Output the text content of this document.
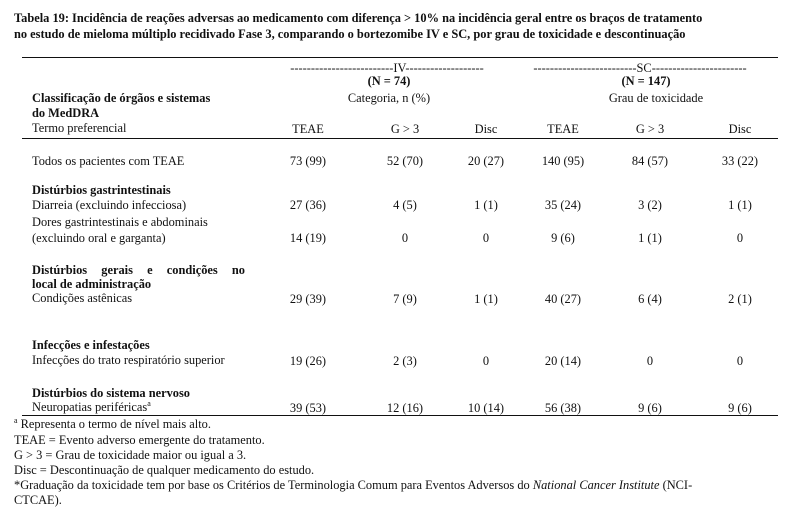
Tabela 19: Incidência de reações adversas ao medicamento com diferença > 10% na incidência geral entre os braços de tratamento
no estudo de mieloma múltiplo recidivado Fase 3, comparando o bortezomibe IV e SC, por grau de toxicidade e descontinuação
-------------------------IV-------------------
(N = 74)
Categoria, n (%)
-------------------------SC-----------------------
(N = 147)
Grau de toxicidade
Classificação de órgãos e sistemas
do MedDRA
Termo preferencial	TEAE	G > 3	Disc	TEAE	G > 3	Disc
Todos os pacientes com TEAE	73 (99)	52 (70)	20 (27)	140 (95)	84 (57)	33 (22)
Distúrbios gastrintestinais
Diarreia (excluindo infecciosa)	27 (36)	4 (5)	1 (1)	35 (24)	3 (2)	1 (1)
Dores gastrintestinais e abdominais
(excluindo oral e garganta)	14 (19)	0	0	9 (6)	1 (1)	0
Distúrbios gerais e condições no
local de administração
Condições astênicas	29 (39)	7 (9)	1 (1)	40 (27)	6 (4)	2 (1)
Infecções e infestações
Infecções do trato respiratório superior	19 (26)	2 (3)	0	20 (14)	0	0
Distúrbios do sistema nervoso
Neuropatias periféricas$^a$	39 (53)	12 (16)	10 (14)	56 (38)	9 (6)	9 (6)
$^a$ Representa o termo de nível mais alto.
TEAE = Evento adverso emergente do tratamento.
G > 3 = Grau de toxicidade maior ou igual a 3.
Disc = Descontinuação de qualquer medicamento do estudo.
*Graduação da toxicidade tem por base os Critérios de Terminologia Comum para Eventos Adversos do National Cancer Institute (NCI-
CTCAE).
